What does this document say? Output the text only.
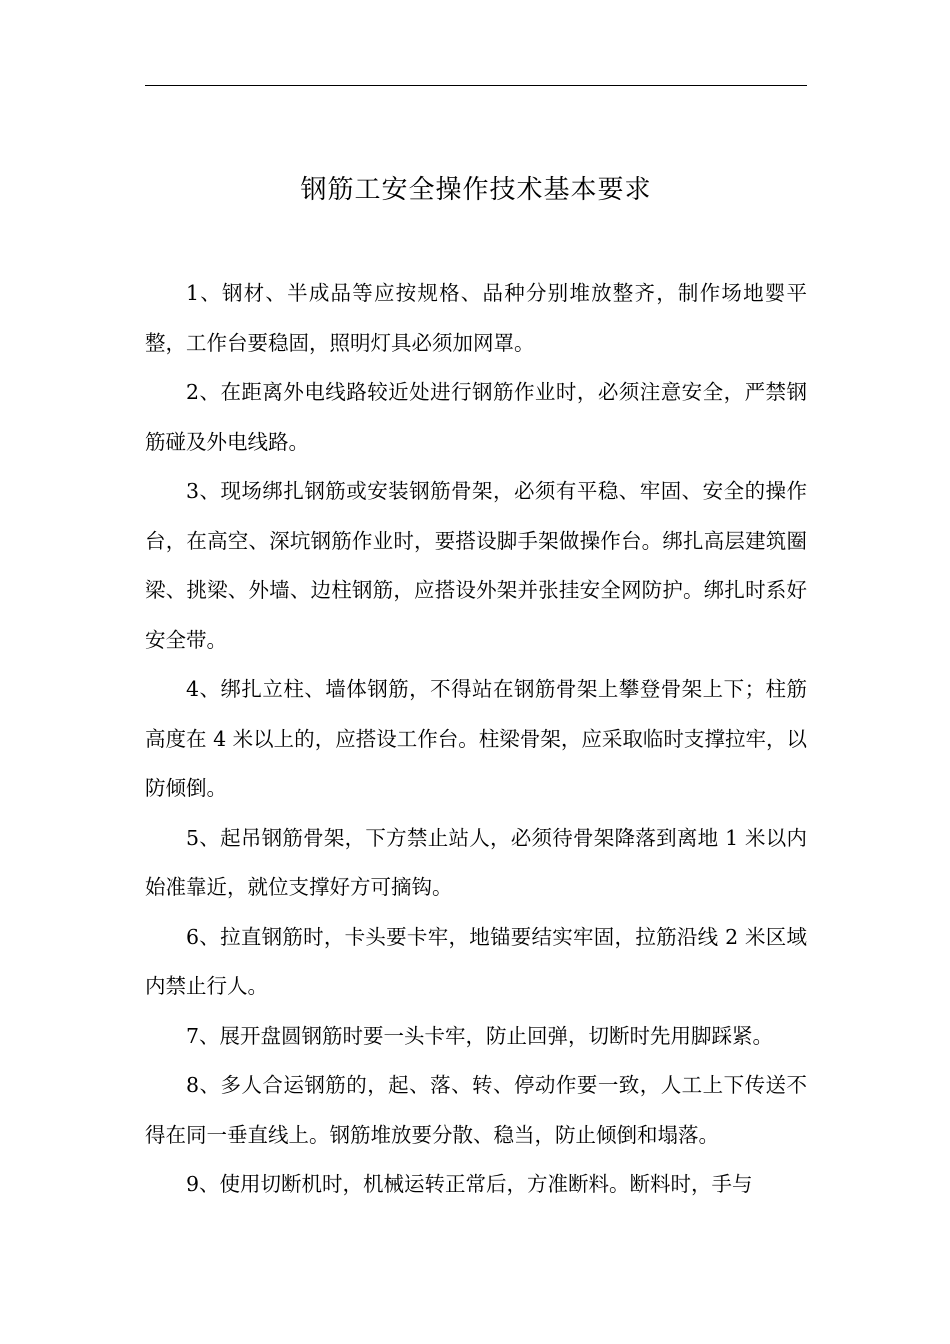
钢筋工安全操作技术基本要求

1、钢材、半成品等应按规格、品种分别堆放整齐，制作场地婴平整，工作台要稳固，照明灯具必须加网罩。

2、在距离外电线路较近处进行钢筋作业时，必须注意安全，严禁钢筋碰及外电线路。

3、现场绑扎钢筋或安装钢筋骨架，必须有平稳、牢固、安全的操作台，在高空、深坑钢筋作业时，要搭设脚手架做操作台。绑扎高层建筑圈梁、挑梁、外墙、边柱钢筋，应搭设外架并张挂安全网防护。绑扎时系好安全带。

4、绑扎立柱、墙体钢筋，不得站在钢筋骨架上攀登骨架上下；柱筋高度在 4 米以上的，应搭设工作台。柱梁骨架，应采取临时支撑拉牢，以防倾倒。

5、起吊钢筋骨架，下方禁止站人，必须待骨架降落到离地 1 米以内始准靠近，就位支撑好方可摘钩。

6、拉直钢筋时，卡头要卡牢，地锚要结实牢固，拉筋沿线 2 米区域内禁止行人。

7、展开盘圆钢筋时要一头卡牢，防止回弹，切断时先用脚踩紧。

8、多人合运钢筋的，起、落、转、停动作要一致，人工上下传送不得在同一垂直线上。钢筋堆放要分散、稳当，防止倾倒和塌落。

9、使用切断机时，机械运转正常后，方准断料。断料时，手与
